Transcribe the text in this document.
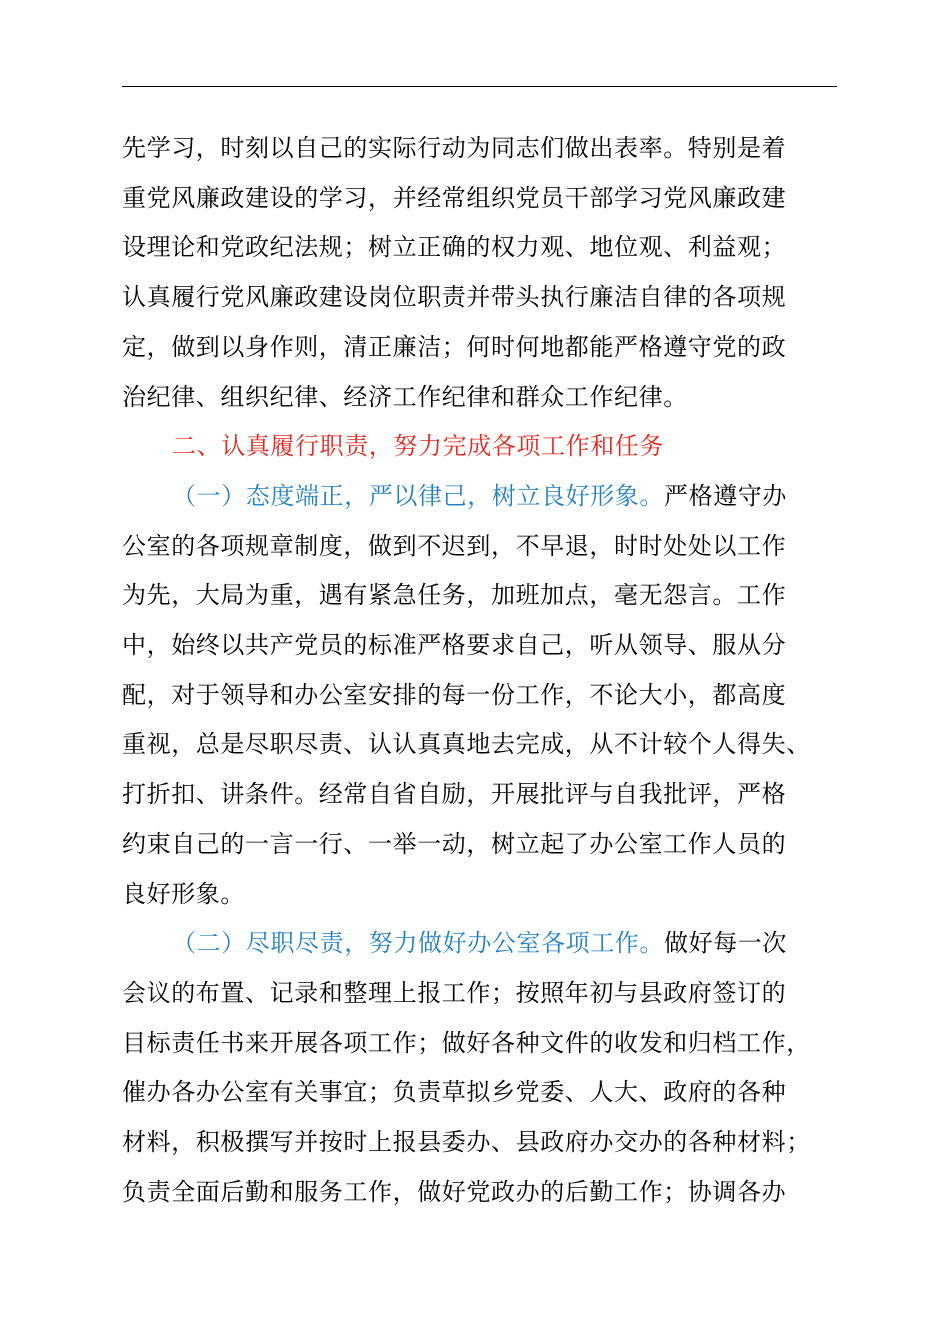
先学习，时刻以自己的实际行动为同志们做出表率。特别是着
重党风廉政建设的学习，并经常组织党员干部学习党风廉政建
设理论和党政纪法规；树立正确的权力观、地位观、利益观；
认真履行党风廉政建设岗位职责并带头执行廉洁自律的各项规
定，做到以身作则，清正廉洁；何时何地都能严格遵守党的政
治纪律、组织纪律、经济工作纪律和群众工作纪律。

二、认真履行职责，努力完成各项工作和任务

（一）态度端正，严以律己，树立良好形象。严格遵守办
公室的各项规章制度，做到不迟到，不早退，时时处处以工作
为先，大局为重，遇有紧急任务，加班加点，毫无怨言。工作
中，始终以共产党员的标准严格要求自己，听从领导、服从分
配，对于领导和办公室安排的每一份工作，不论大小，都高度
重视，总是尽职尽责、认认真真地去完成，从不计较个人得失、
打折扣、讲条件。经常自省自励，开展批评与自我批评，严格
约束自己的一言一行、一举一动，树立起了办公室工作人员的
良好形象。

（二）尽职尽责，努力做好办公室各项工作。做好每一次
会议的布置、记录和整理上报工作；按照年初与县政府签订的
目标责任书来开展各项工作；做好各种文件的收发和归档工作，
催办各办公室有关事宜；负责草拟乡党委、人大、政府的各种
材料，积极撰写并按时上报县委办、县政府办交办的各种材料；
负责全面后勤和服务工作，做好党政办的后勤工作；协调各办
